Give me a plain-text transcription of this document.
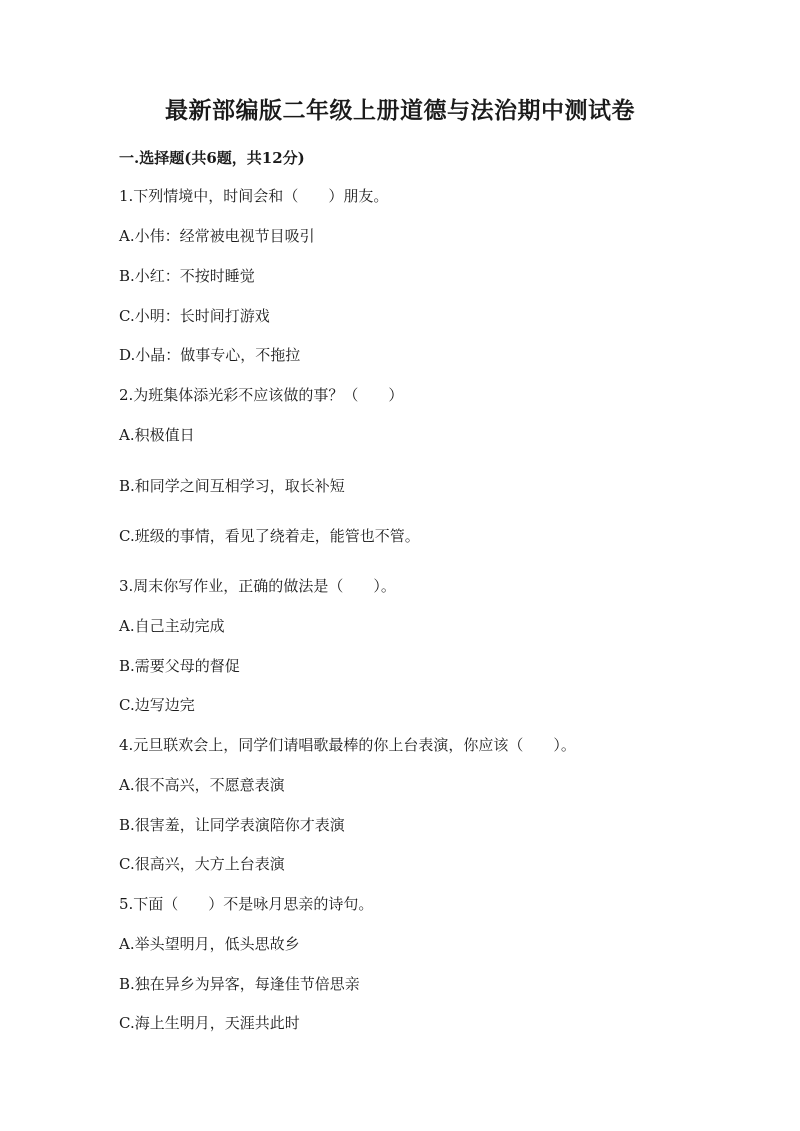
最新部编版二年级上册道德与法治期中测试卷
一.选择题(共6题，共12分)
1.下列情境中，时间会和（　　）朋友。
A.小伟：经常被电视节目吸引
B.小红：不按时睡觉
C.小明：长时间打游戏
D.小晶：做事专心，不拖拉
2.为班集体添光彩不应该做的事？（　　）
A.积极值日
B.和同学之间互相学习，取长补短
C.班级的事情，看见了绕着走，能管也不管。
3.周末你写作业，正确的做法是（　　）。
A.自己主动完成
B.需要父母的督促
C.边写边完
4.元旦联欢会上，同学们请唱歌最棒的你上台表演，你应该（　　）。
A.很不高兴，不愿意表演
B.很害羞，让同学表演陪你才表演
C.很高兴，大方上台表演
5.下面（　　）不是咏月思亲的诗句。
A.举头望明月，低头思故乡
B.独在异乡为异客，每逢佳节倍思亲
C.海上生明月，天涯共此时
